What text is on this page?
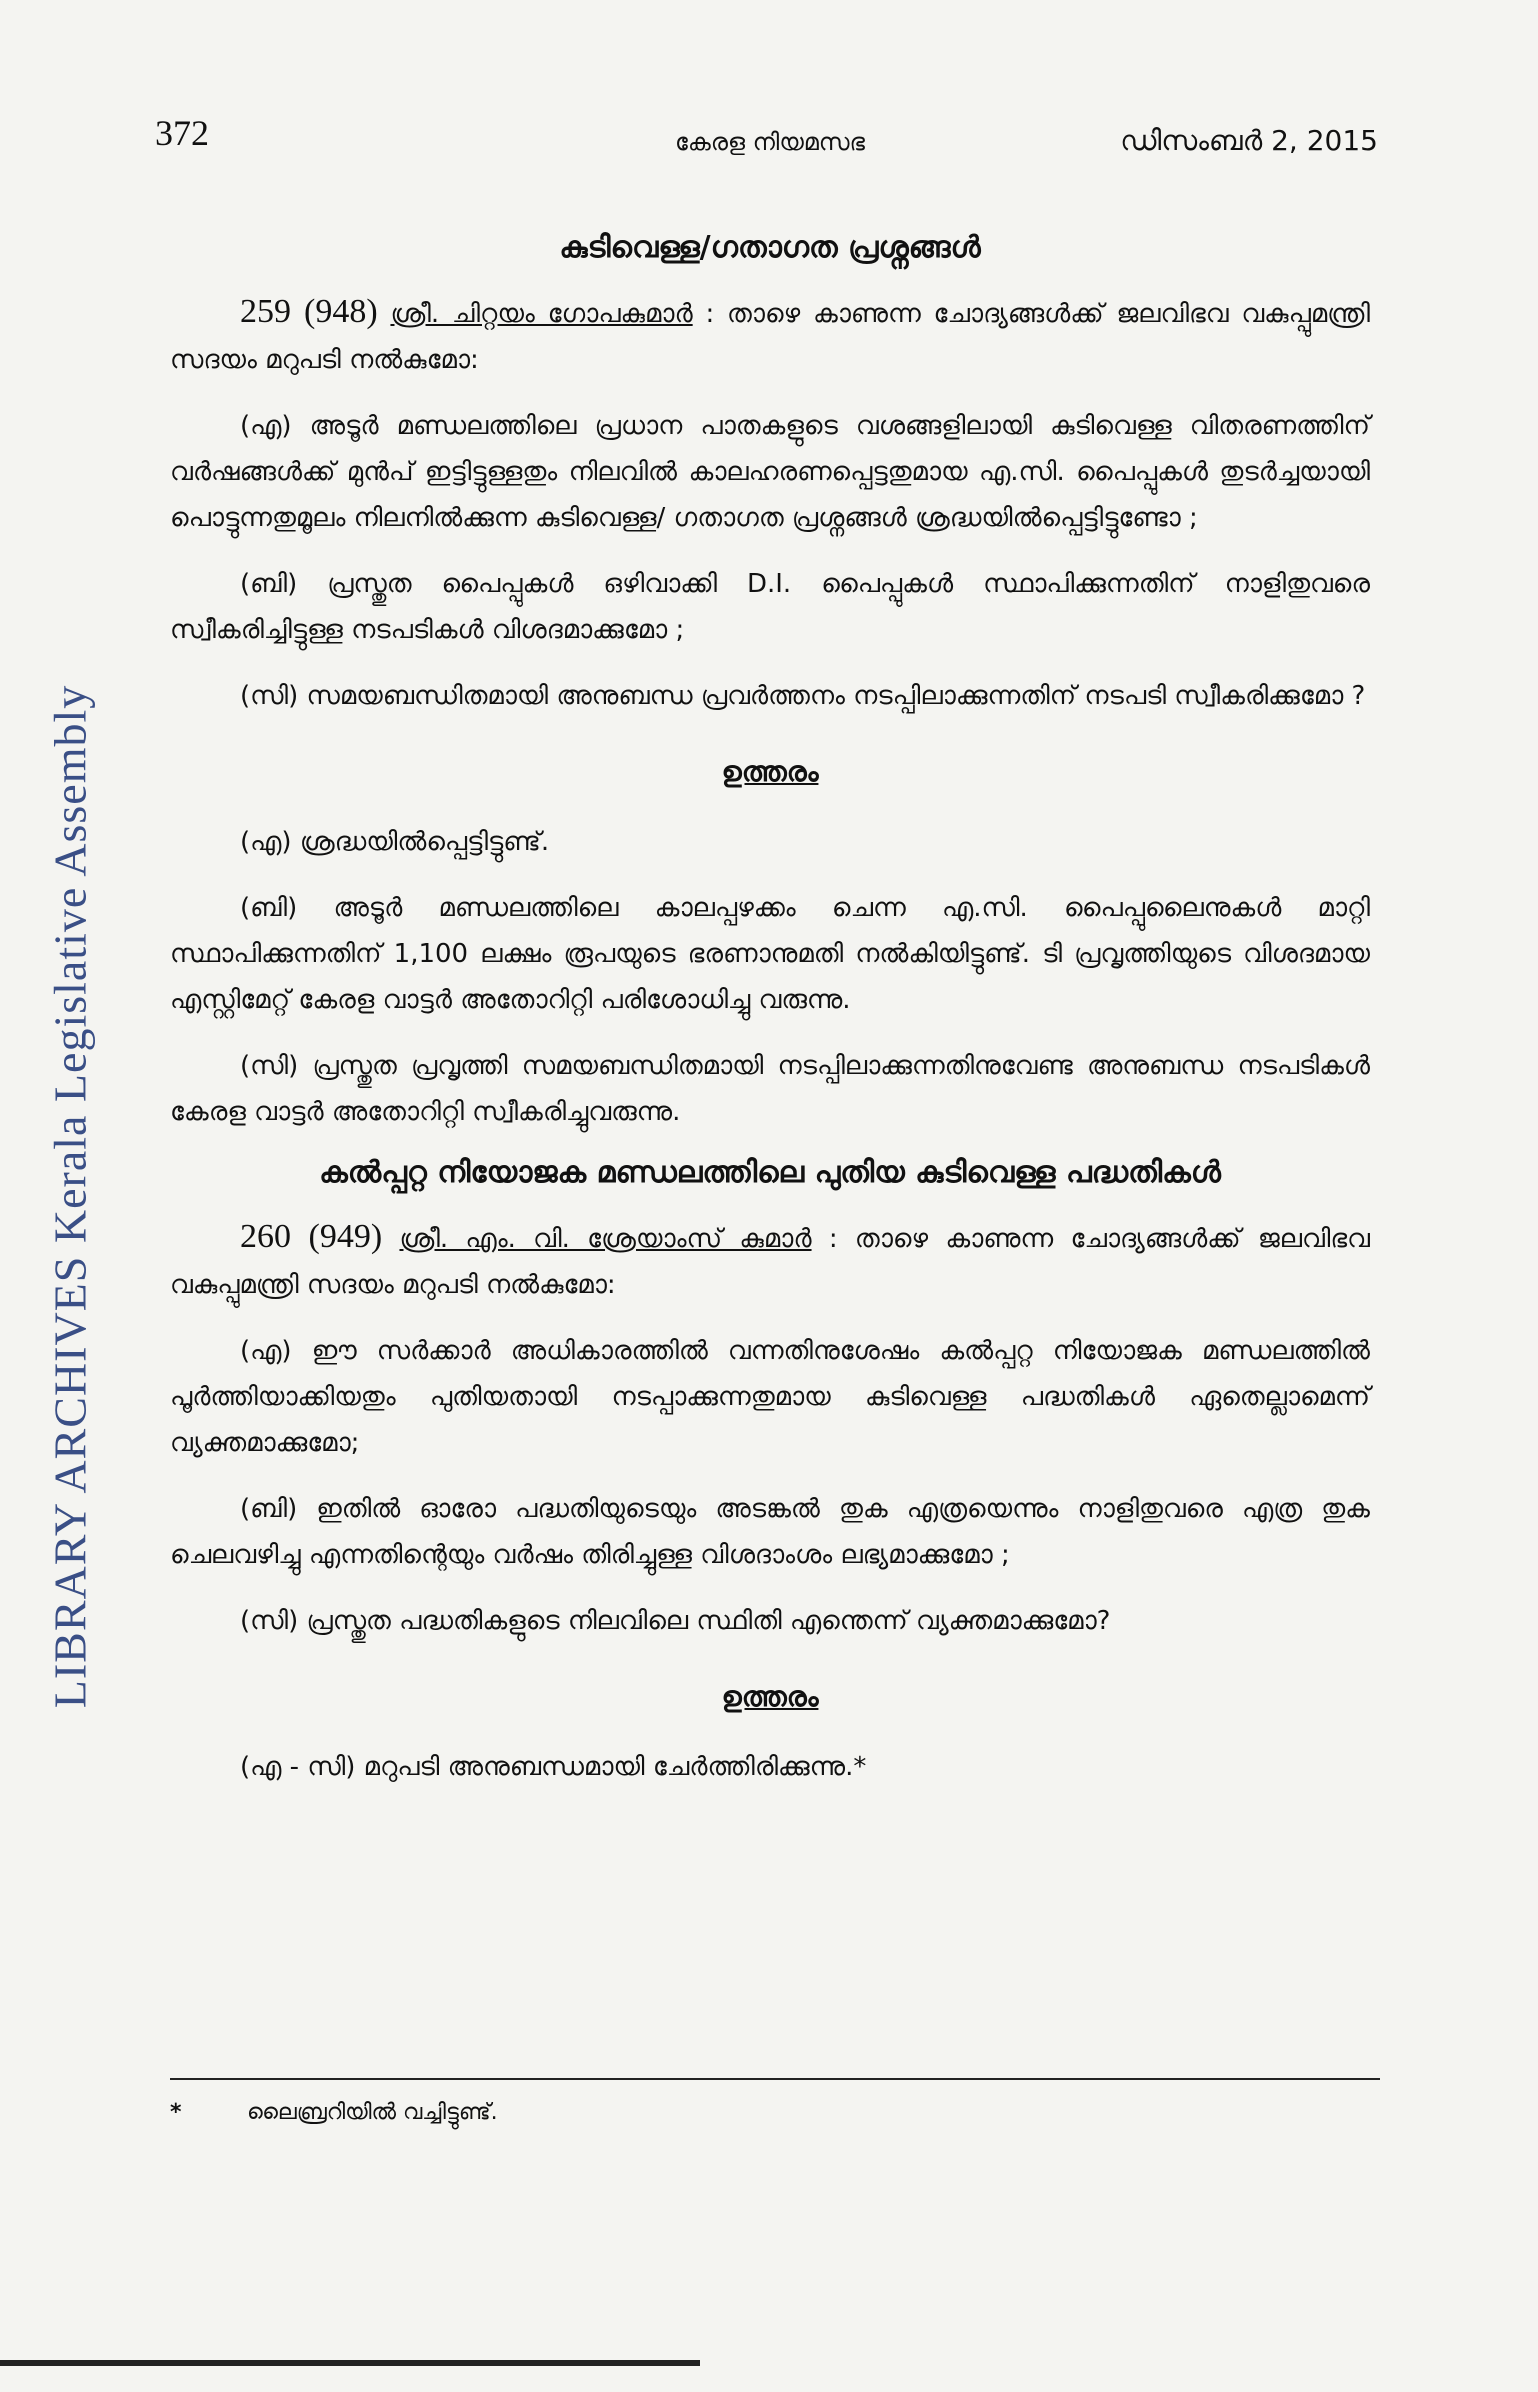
LIBRARY ARCHIVES Kerala Legislative Assembly
372	കേരള നിയമസഭ	ഡിസംബർ 2, 2015
കുടിവെള്ള/ഗതാഗത പ്രശ്നങ്ങൾ

259 (948) ശ്രീ. ചിറ്റയം ഗോപകുമാർ : താഴെ കാണുന്ന ചോദ്യങ്ങൾക്ക് ജലവിഭവ വകുപ്പുമന്ത്രി സദയം മറുപടി നൽകുമോ:

(എ) അടൂർ മണ്ഡലത്തിലെ പ്രധാന പാതകളുടെ വശങ്ങളിലായി കുടിവെള്ള വിതരണത്തിന് വർഷങ്ങൾക്ക് മുൻപ് ഇട്ടിട്ടുള്ളതും നിലവിൽ കാലഹരണപ്പെട്ടതുമായ എ.സി. പൈപ്പുകൾ തുടർച്ചയായി പൊട്ടുന്നതുമൂലം നിലനിൽക്കുന്ന കുടിവെള്ള/ ഗതാഗത പ്രശ്നങ്ങൾ ശ്രദ്ധയിൽപ്പെട്ടിട്ടുണ്ടോ ;

(ബി) പ്രസ്തുത പൈപ്പുകൾ ഒഴിവാക്കി D.I. പൈപ്പുകൾ സ്ഥാപിക്കുന്നതിന് നാളിതുവരെ സ്വീകരിച്ചിട്ടുള്ള നടപടികൾ വിശദമാക്കുമോ ;

(സി) സമയബന്ധിതമായി അനുബന്ധ പ്രവർത്തനം നടപ്പിലാക്കുന്നതിന് നടപടി സ്വീകരിക്കുമോ ?

ഉത്തരം

(എ) ശ്രദ്ധയിൽപ്പെട്ടിട്ടുണ്ട്.

(ബി) അടൂർ മണ്ഡലത്തിലെ കാലപ്പഴക്കം ചെന്ന എ.സി. പൈപ്പുലൈനുകൾ മാറ്റി സ്ഥാപിക്കുന്നതിന് 1,100 ലക്ഷം രൂപയുടെ ഭരണാനുമതി നൽകിയിട്ടുണ്ട്. ടി പ്രവൃത്തിയുടെ വിശദമായ എസ്റ്റിമേറ്റ് കേരള വാട്ടർ അതോറിറ്റി പരിശോധിച്ചു വരുന്നു.

(സി) പ്രസ്തുത പ്രവൃത്തി സമയബന്ധിതമായി നടപ്പിലാക്കുന്നതിനുവേണ്ട അനുബന്ധ നടപടികൾ കേരള വാട്ടർ അതോറിറ്റി സ്വീകരിച്ചുവരുന്നു.

കൽപ്പറ്റ നിയോജക മണ്ഡലത്തിലെ പുതിയ കുടിവെള്ള പദ്ധതികൾ

260 (949) ശ്രീ. എം. വി. ശ്രേയാംസ് കുമാർ : താഴെ കാണുന്ന ചോദ്യങ്ങൾക്ക് ജലവിഭവ വകുപ്പുമന്ത്രി സദയം മറുപടി നൽകുമോ:

(എ) ഈ സർക്കാർ അധികാരത്തിൽ വന്നതിനുശേഷം കൽപ്പറ്റ നിയോജക മണ്ഡലത്തിൽ പൂർത്തിയാക്കിയതും പുതിയതായി നടപ്പാക്കുന്നതുമായ കുടിവെള്ള പദ്ധതികൾ ഏതെല്ലാമെന്ന് വ്യക്തമാക്കുമോ;

(ബി) ഇതിൽ ഓരോ പദ്ധതിയുടെയും അടങ്കൽ തുക എത്രയെന്നും നാളിതുവരെ എത്ര തുക ചെലവഴിച്ചു എന്നതിന്റെയും വർഷം തിരിച്ചുള്ള വിശദാംശം ലഭ്യമാക്കുമോ ;

(സി) പ്രസ്തുത പദ്ധതികളുടെ നിലവിലെ സ്ഥിതി എന്തെന്ന് വ്യക്തമാക്കുമോ?

ഉത്തരം

(എ - സി) മറുപടി അനുബന്ധമായി ചേർത്തിരിക്കുന്നു.*

*	ലൈബ്രറിയിൽ വച്ചിട്ടുണ്ട്.
